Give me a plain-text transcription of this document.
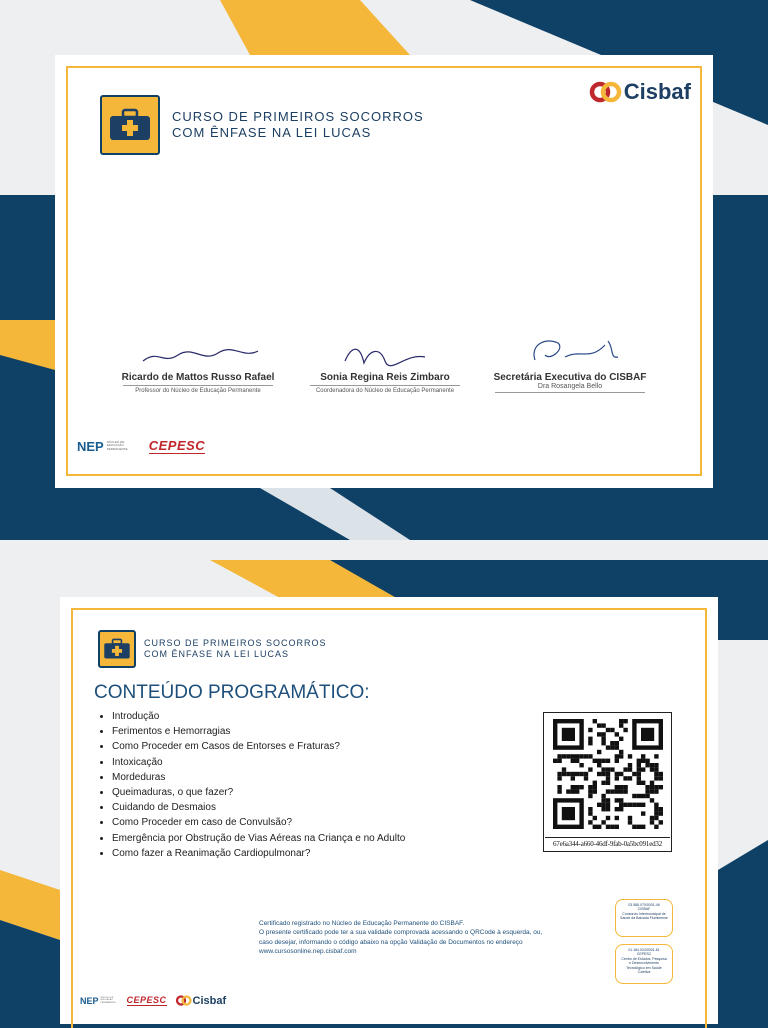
CURSO DE PRIMEIROS SOCORROS
COM ÊNFASE NA LEI LUCAS
Cisbaf
Ricardo de Mattos Russo Rafael
Professor do Núcleo de Educação Permanente
Sonia Regina Reis Zimbaro
Coordenadora do Núcleo de Educação Permanente
Secretária Executiva do CISBAF
Dra Rosangela Bello
NEP NÚCLEO DE EDUCAÇÃO PERMANENTE	CEPESC
CURSO DE PRIMEIROS SOCORROS
COM ÊNFASE NA LEI LUCAS
CONTEÚDO PROGRAMÁTICO:
• Introdução
• Ferimentos e Hemorragias
• Como Proceder em Casos de Entorses e Fraturas?
• Intoxicação
• Mordeduras
• Queimaduras, o que fazer?
• Cuidando de Desmaios
• Como Proceder em caso de Convulsão?
• Emergência por Obstrução de Vias Aéreas na Criança e no Adulto
• Como fazer a Reanimação Cardiopulmonar?
67e6a344-a660-46df-9fab-0a5bc091ed32
Certificado registrado no Núcleo de Educação Permanente do CISBAF.
O presente certificado pode ter a sua validade comprovada acessando o QRCode à esquerda, ou,
caso desejar, informando o código abaixo na opção Validação de Documentos no endereço
www.cursosonline.nep.cisbaf.com
03.586.070/0001-46
CISBAF
Consórcio Intermunicipal de Saúde da Baixada Fluminense
01.184.024/0001-81
CEPESC
Centro de Estudos, Pesquisa e Desenvolvimento Tecnológico em Saúde Coletiva
NEP NÚCLEO DE EDUCAÇÃO PERMANENTE	CEPESC Cisbaf
